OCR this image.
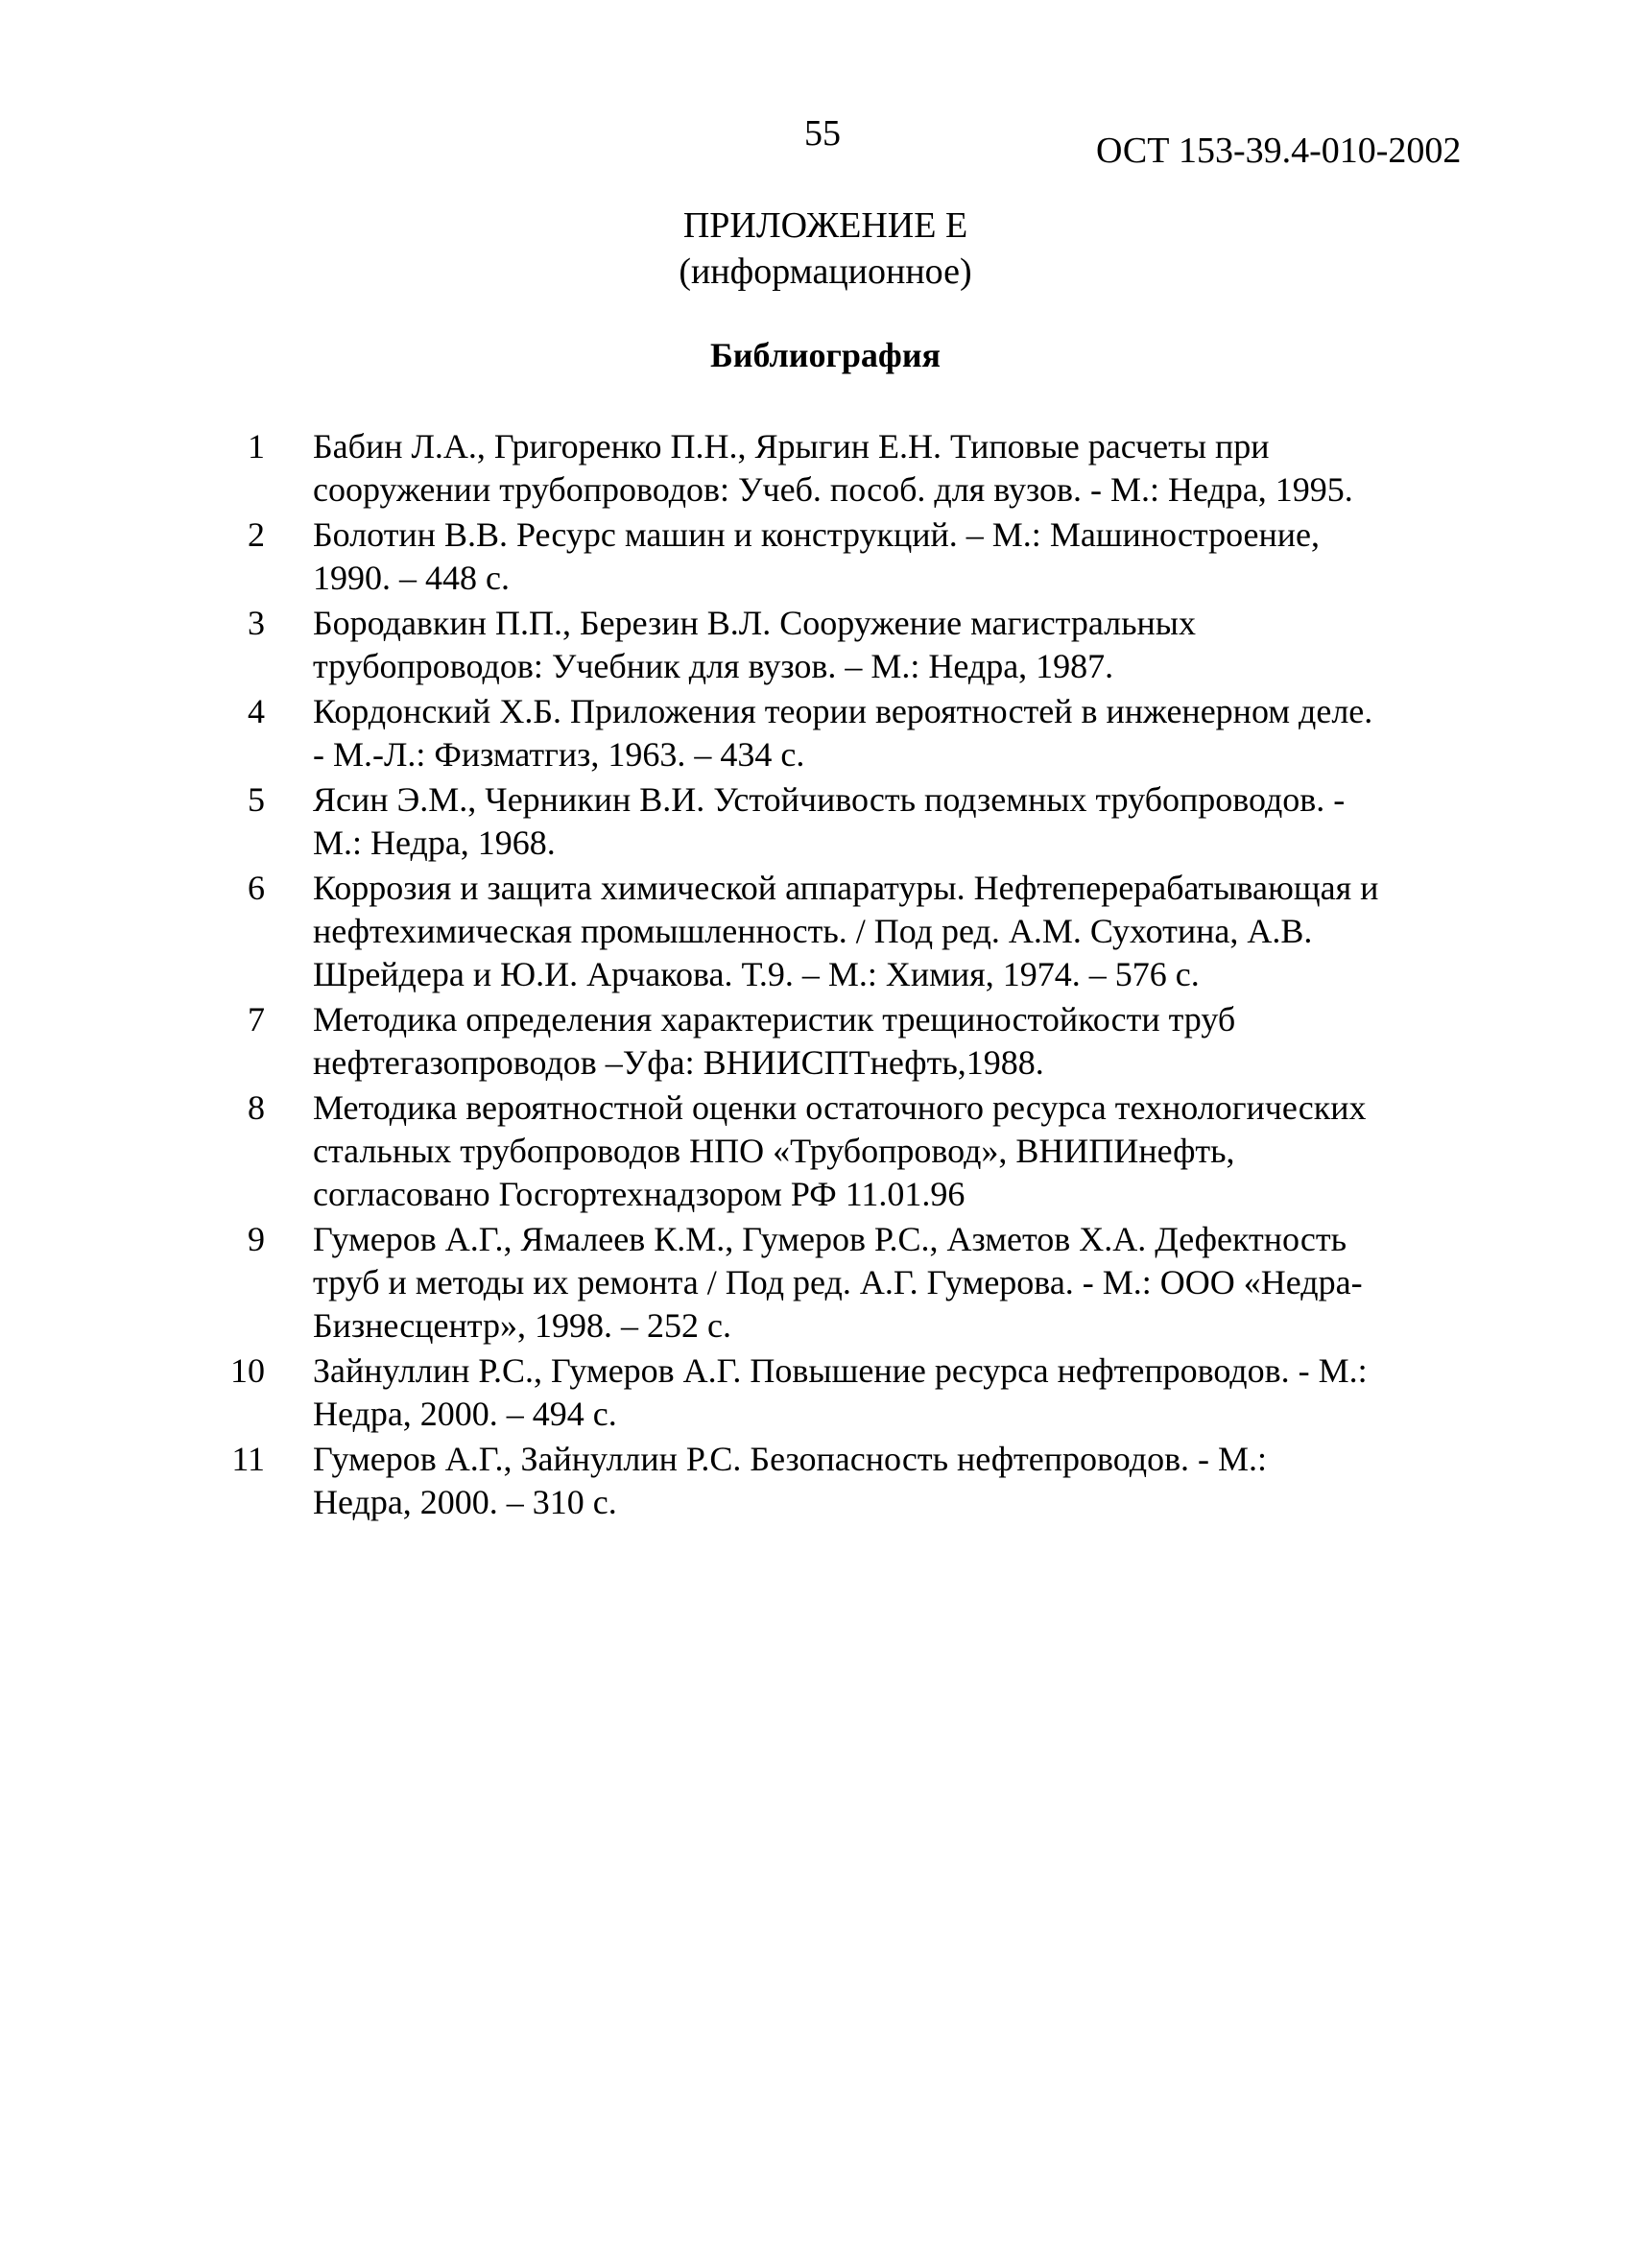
55	ОСТ 153-39.4-010-2002
ПРИЛОЖЕНИЕ Е
(информационное)
Библиография
1	Бабин Л.А., Григоренко П.Н., Ярыгин Е.Н. Типовые расчеты при
сооружении трубопроводов: Учеб. пособ. для вузов. - М.: Недра, 1995.
2	Болотин В.В. Ресурс машин и конструкций. – М.: Машиностроение,
1990. – 448 с.
3	Бородавкин П.П., Березин В.Л. Сооружение магистральных
трубопроводов: Учебник для вузов. – М.: Недра, 1987.
4	Кордонский Х.Б. Приложения теории вероятностей в инженерном деле.
- М.-Л.: Физматгиз, 1963. – 434 с.
5	Ясин Э.М., Черникин В.И. Устойчивость подземных трубопроводов. -
М.: Недра, 1968.
6	Коррозия и защита химической аппаратуры. Нефтеперерабатывающая и
нефтехимическая промышленность. / Под ред. А.М. Сухотина, А.В.
Шрейдера и Ю.И. Арчакова. Т.9. – М.: Химия, 1974. – 576 с.
7	Методика определения характеристик трещиностойкости труб
нефтегазопроводов –Уфа: ВНИИСПТнефть,1988.
8	Методика вероятностной оценки остаточного ресурса технологических
стальных трубопроводов НПО «Трубопровод», ВНИПИнефть,
согласовано Госгортехнадзором РФ 11.01.96
9	Гумеров А.Г., Ямалеев К.М., Гумеров Р.С., Азметов Х.А. Дефектность
труб и методы их ремонта / Под ред. А.Г. Гумерова. - М.: ООО «Недра-
Бизнесцентр», 1998. – 252 с.
10	Зайнуллин Р.С., Гумеров А.Г. Повышение ресурса нефтепроводов. - М.:
Недра, 2000. – 494 с.
11	Гумеров А.Г., Зайнуллин Р.С. Безопасность нефтепроводов. - М.:
Недра, 2000. – 310 с.
